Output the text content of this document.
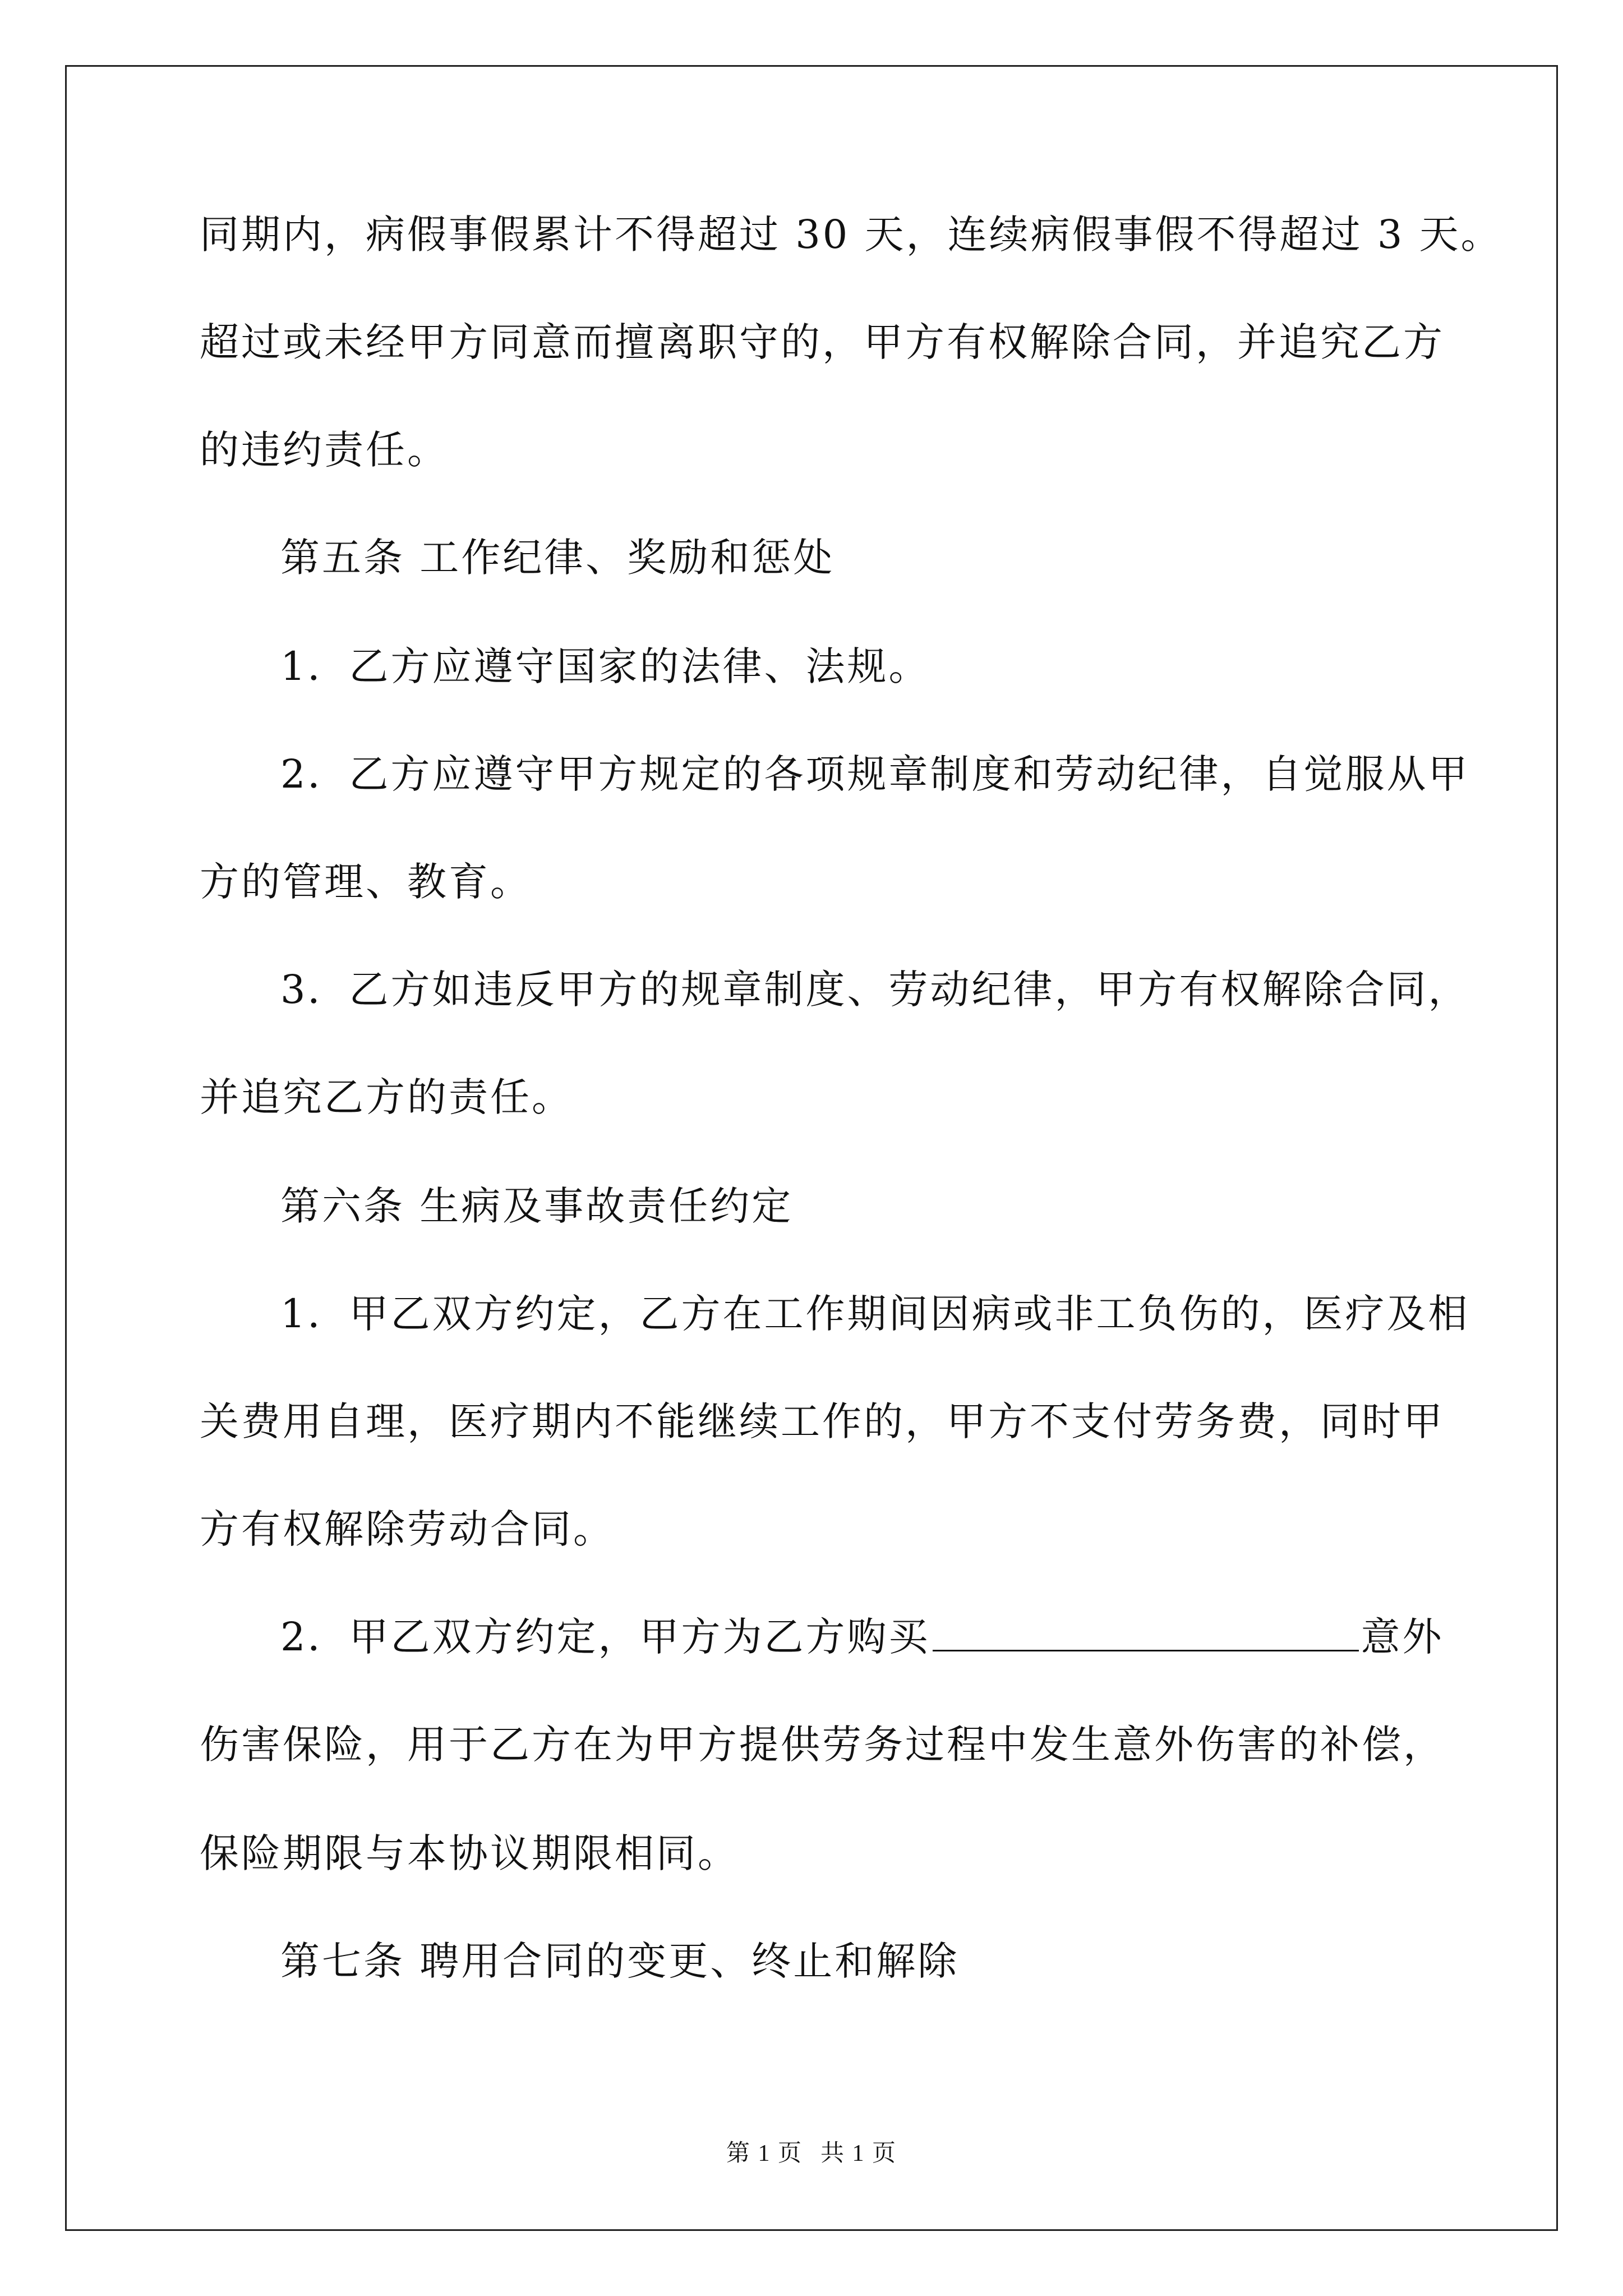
同期内，病假事假累计不得超过 30 天，连续病假事假不得超过 3 天。
超过或未经甲方同意而擅离职守的，甲方有权解除合同，并追究乙方
的违约责任。
第五条 工作纪律、奖励和惩处
1．乙方应遵守国家的法律、法规。
2．乙方应遵守甲方规定的各项规章制度和劳动纪律，自觉服从甲
方的管理、教育。
3．乙方如违反甲方的规章制度、劳动纪律，甲方有权解除合同，
并追究乙方的责任。
第六条 生病及事故责任约定
1．甲乙双方约定，乙方在工作期间因病或非工负伤的，医疗及相
关费用自理，医疗期内不能继续工作的，甲方不支付劳务费，同时甲
方有权解除劳动合同。
2．甲乙双方约定，甲方为乙方购买	意外
伤害保险，用于乙方在为甲方提供劳务过程中发生意外伤害的补偿，
保险期限与本协议期限相同。
第七条 聘用合同的变更、终止和解除
第 1 页 共 1 页
